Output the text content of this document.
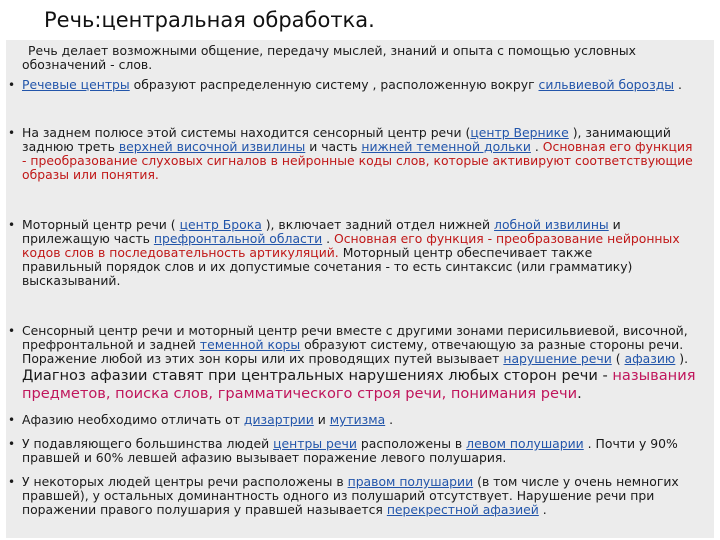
Речь:центральная обработка.
Речь делает возможными общение, передачу мыслей, знаний и опыта с помощью условных
обозначений - слов.
• Речевые центры образуют распределенную систему , расположенную вокруг сильвиевой борозды .
• На заднем полюсе этой системы находится сенсорный центр речи (центр Вернике ), занимающий
заднюю треть верхней височной извилины и часть нижней теменной дольки . Основная его функция
- преобразование слуховых сигналов в нейронные коды слов, которые активируют соответствующие
образы или понятия.
• Моторный центр речи ( центр Брока ), включает задний отдел нижней лобной извилины и
прилежащую часть префронтальной области . Основная его функция - преобразование нейронных
кодов слов в последовательность артикуляций. Моторный центр обеспечивает также
правильный порядок слов и их допустимые сочетания - то есть синтаксис (или грамматику)
высказываний.
• Сенсорный центр речи и моторный центр речи вместе с другими зонами перисильвиевой, височной,
префронтальной и задней теменной коры образуют систему, отвечающую за разные стороны речи.
Поражение любой из этих зон коры или их проводящих путей вызывает нарушение речи ( афазию ).
Диагноз афазии ставят при центральных нарушениях любых сторон речи - называния
предметов, поиска слов, грамматического строя речи, понимания речи.
• Афазию необходимо отличать от дизартрии и мутизма .
• У подавляющего большинства людей центры речи расположены в левом полушарии . Почти у 90%
правшей и 60% левшей афазию вызывает поражение левого полушария.
• У некоторых людей центры речи расположены в правом полушарии (в том числе у очень немногих
правшей), у остальных доминантность одного из полушарий отсутствует. Нарушение речи при
поражении правого полушария у правшей называется перекрестной афазией .
